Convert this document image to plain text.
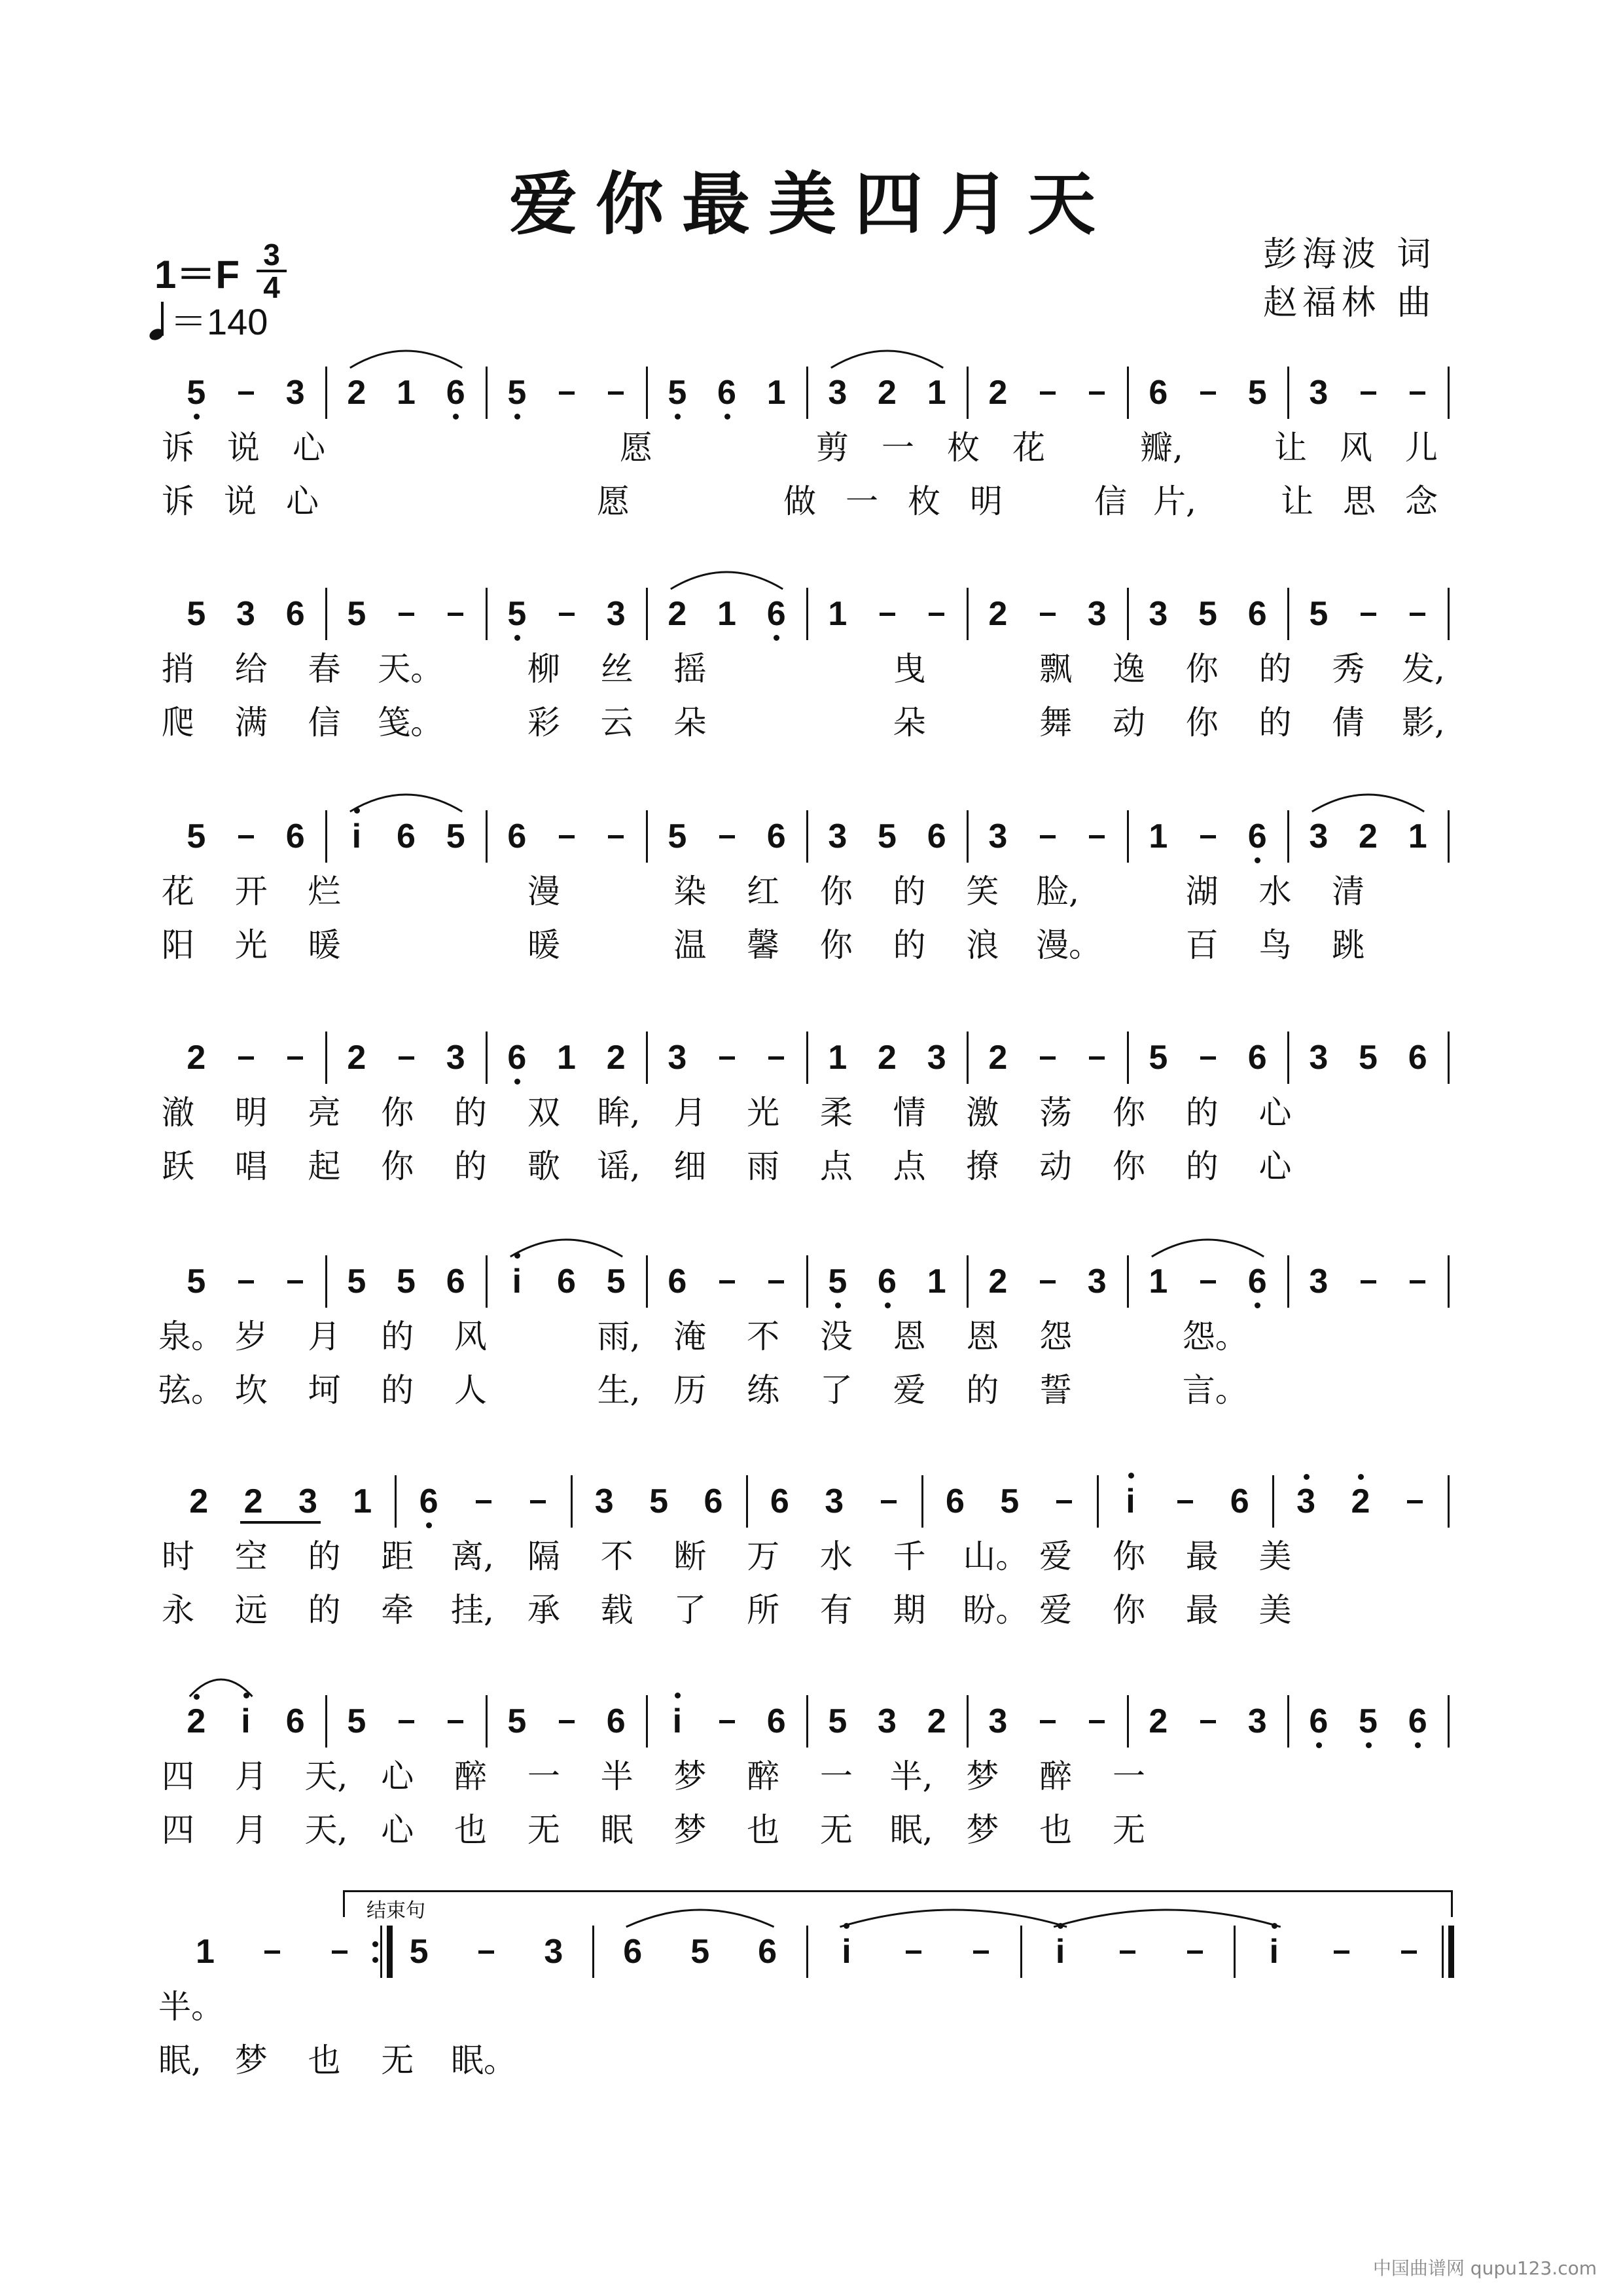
爱你最美四月天
彭海波 词
赵福林 曲
$1=F \frac{3}{4}$
＝140
5 3 2 1 6 5	5 6 1 3 2 1 2	6 5 3
诉 说 心	愿	剪 一 枚 花	瓣,	让 风 儿
诉 说 心	愿	做 一 枚 明	信 片,	让 思 念
5 3 6 5	5 3 2 1 6 1	2 3 3 5 6 5
捎 给 春 天。	柳 丝 摇	曳	飘 逸 你 的 秀 发,
爬 满 信 笺。	彩 云 朵	朵	舞 动 你 的 倩 影,
5 6 i 6 5 6	5 6 3 5 6 3	1 6 3 2 1
花 开 烂	漫	染 红 你 的 笑 脸,	湖 水 清
阳 光 暖	暖	温 馨 你 的 浪 漫。	百 鸟 跳
2	2 3 6 1 2 3	1 2 3 2	5 6 3 5 6
澈 明 亮 你 的 双 眸, 月 光 柔 情 激 荡 你 的 心
跃 唱 起 你 的 歌 谣, 细 雨 点 点 撩 动 你 的 心
5	5 5 6 i 6 5 6	5 6 1 2 3 1 6 3
泉。 岁 月 的 风	雨, 淹 不 没 恩 恩 怨	怨。
弦。 坎 坷 的 人	生, 历 练 了 爱 的 誓	言。
2 2 3 1 6	3 5 6 6 3	6 5	i	6 3 2
时 空 的 距 离, 隔 不 断 万 水 千 山。 爱 你 最 美
永 远 的 牵 挂, 承 载 了 所 有 期 盼。 爱 你 最 美
2 i 6 5	5 6 i 6 5 3 2 3	2 3 6 5 6
四 月 天, 心 醉 一 半 梦 醉 一 半, 梦 醉 一
四 月 天, 心 也 无 眠 梦 也 无 眠, 梦 也 无
1	5	3 6 5 6 i	i	i
半。
眠, 梦 也 无 眠。
结束句
中国曲谱网 qupu123.com
